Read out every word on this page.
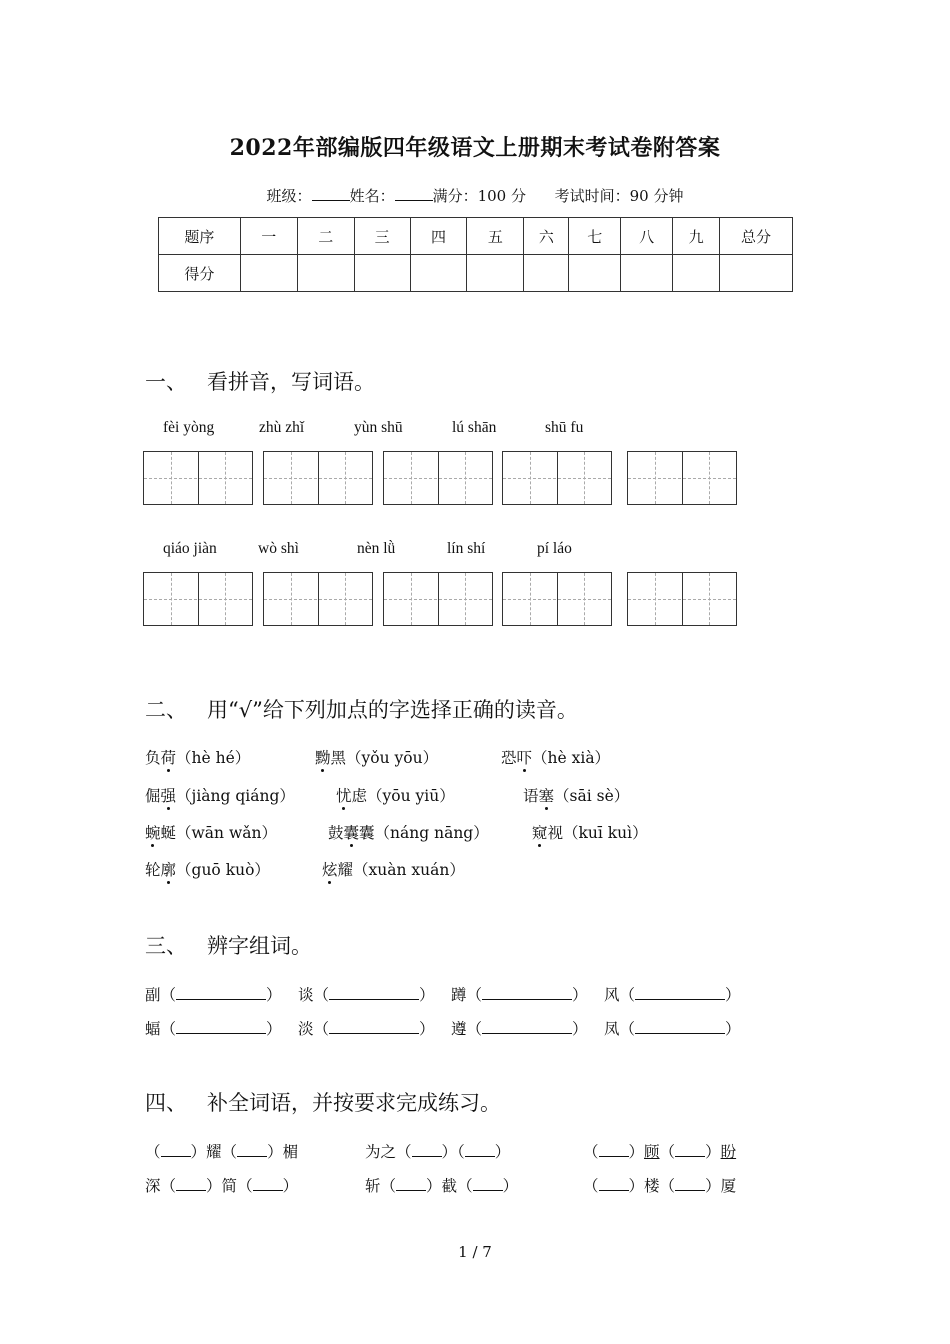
2022年部编版四年级语文上册期末考试卷附答案
班级：	姓名：	满分：100 分 考试时间：90 分钟
题序	一	二	三	四	五	六	七	八	九	总分
得分										
一、 看拼音，写词语。
fèi yòng	zhù zhǐ	yùn shū	lú shān	shū fu
qiáo jiàn	wò shì	nèn lǜ	lín shí	pí láo
二、 用“√”给下列加点的字选择正确的读音。
负荷（hè hé）	黝黑（yǒu yōu）	恐吓（hè xià）
倔强（jiàng qiáng）	忧虑（yōu yiū）	语塞（sāi sè）
蜿蜒（wān wǎn）	鼓囊囊（náng nāng）	窥视（kuī kuì）
轮廓（guō kuò）	炫耀（xuàn xuán）
三、 辨字组词。
副（	） 谈（	） 蹲（	） 风（	）
蝠（	） 淡（	） 遵（	） 凤（	）
四、 补全词语，并按要求完成练习。
（ ）耀（ ）楣	为之（ ）（ ）	（ ）顾（ ）盼
深（ ）简（ ）	斩（ ）截（ ）	（ ）楼（ ）厦
1 / 7
